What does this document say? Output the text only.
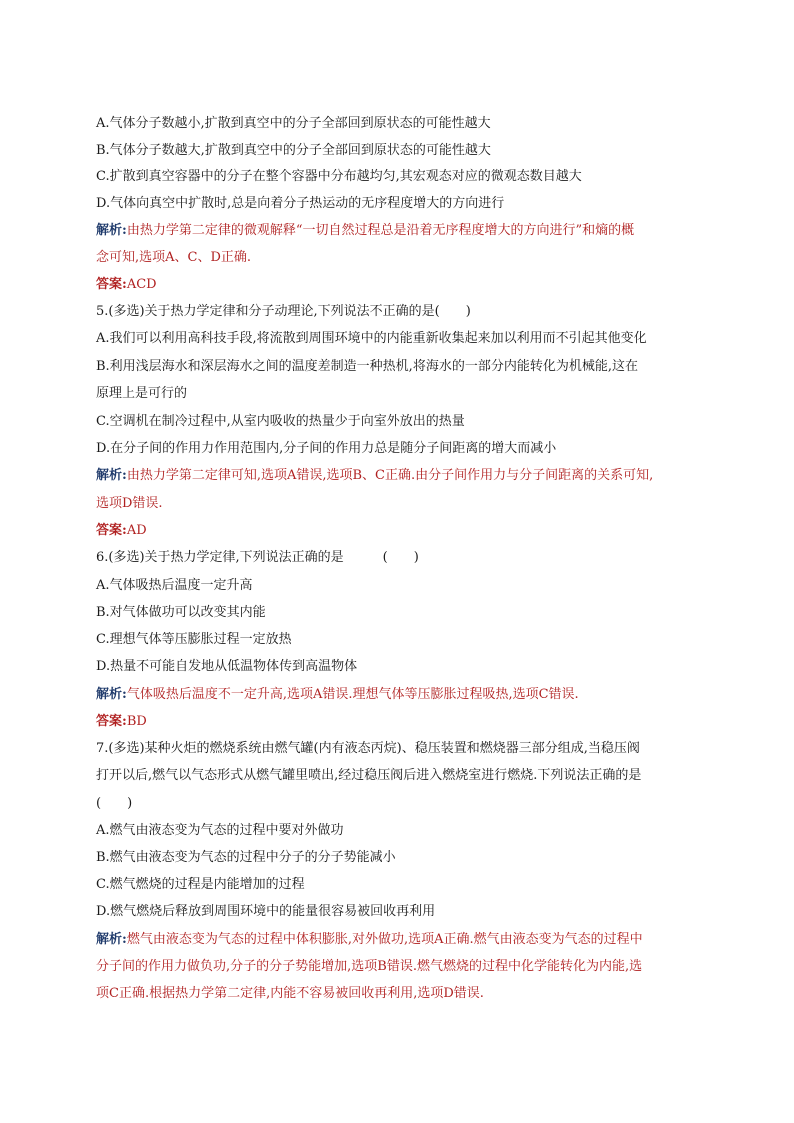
A.气体分子数越小,扩散到真空中的分子全部回到原状态的可能性越大
B.气体分子数越大,扩散到真空中的分子全部回到原状态的可能性越大
C.扩散到真空容器中的分子在整个容器中分布越均匀,其宏观态对应的微观态数目越大
D.气体向真空中扩散时,总是向着分子热运动的无序程度增大的方向进行
解析:由热力学第二定律的微观解释“一切自然过程总是沿着无序程度增大的方向进行”和熵的概
念可知,选项A、C、D正确.
答案:ACD
5.(多选)关于热力学定律和分子动理论,下列说法不正确的是(　　)
A.我们可以利用高科技手段,将流散到周围环境中的内能重新收集起来加以利用而不引起其他变化
B.利用浅层海水和深层海水之间的温度差制造一种热机,将海水的一部分内能转化为机械能,这在
原理上是可行的
C.空调机在制冷过程中,从室内吸收的热量少于向室外放出的热量
D.在分子间的作用力作用范围内,分子间的作用力总是随分子间距离的增大而减小
解析:由热力学第二定律可知,选项A错误,选项B、C正确.由分子间作用力与分子间距离的关系可知,
选项D错误.
答案:AD
6.(多选)关于热力学定律,下列说法正确的是　　　(　　)
A.气体吸热后温度一定升高
B.对气体做功可以改变其内能
C.理想气体等压膨胀过程一定放热
D.热量不可能自发地从低温物体传到高温物体
解析:气体吸热后温度不一定升高,选项A错误.理想气体等压膨胀过程吸热,选项C错误.
答案:BD
7.(多选)某种火炬的燃烧系统由燃气罐(内有液态丙烷)、稳压装置和燃烧器三部分组成,当稳压阀
打开以后,燃气以气态形式从燃气罐里喷出,经过稳压阀后进入燃烧室进行燃烧.下列说法正确的是
(　　)
A.燃气由液态变为气态的过程中要对外做功
B.燃气由液态变为气态的过程中分子的分子势能减小
C.燃气燃烧的过程是内能增加的过程
D.燃气燃烧后释放到周围环境中的能量很容易被回收再利用
解析:燃气由液态变为气态的过程中体积膨胀,对外做功,选项A正确.燃气由液态变为气态的过程中
分子间的作用力做负功,分子的分子势能增加,选项B错误.燃气燃烧的过程中化学能转化为内能,选
项C正确.根据热力学第二定律,内能不容易被回收再利用,选项D错误.
